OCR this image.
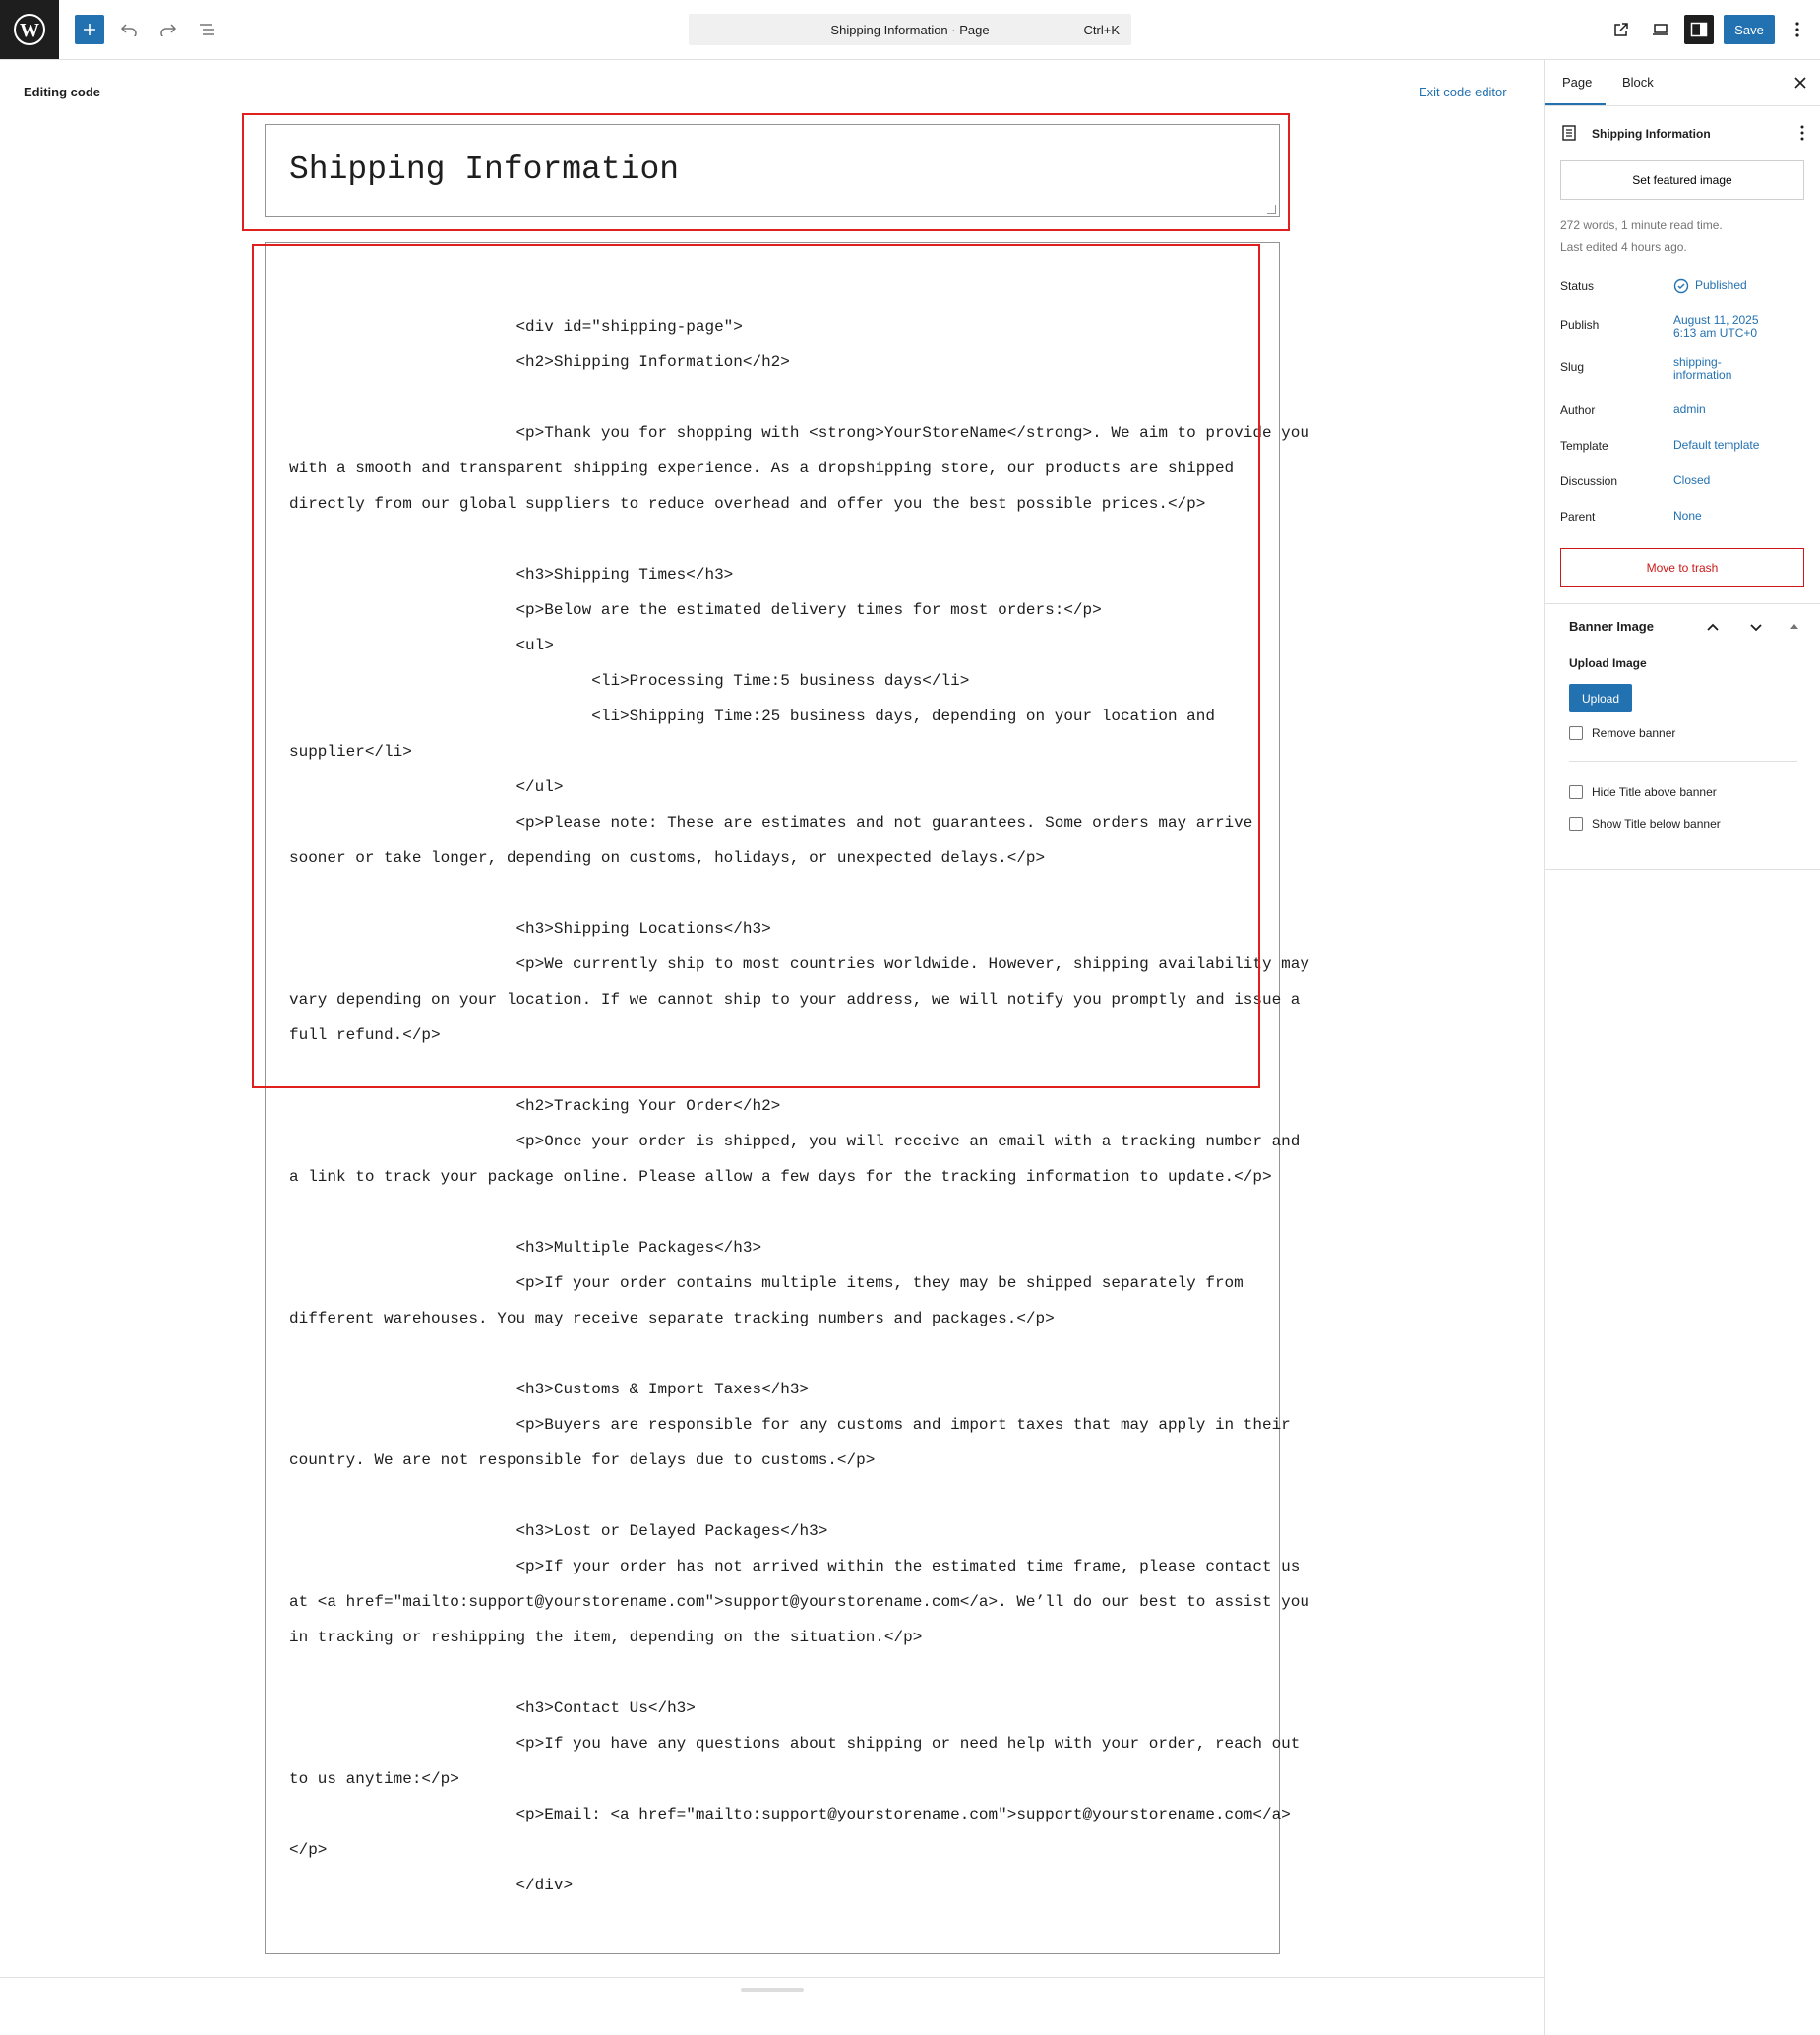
W	Shipping Information · Page	Ctrl+K	Save
Editing code	Exit code editor
Shipping Information
<div id="shipping-page">
<h2>Shipping Information</h2>
<p>Thank you for shopping with <strong>YourStoreName</strong>. We aim to provide you
with a smooth and transparent shipping experience. As a dropshipping store, our products are shipped
directly from our global suppliers to reduce overhead and offer you the best possible prices.</p>
<h3>Shipping Times</h3>
<p>Below are the estimated delivery times for most orders:</p>
<ul>
<li>Processing Time:5 business days</li>
<li>Shipping Time:25 business days, depending on your location and
supplier</li>
</ul>
<p>Please note: These are estimates and not guarantees. Some orders may arrive
sooner or take longer, depending on customs, holidays, or unexpected delays.</p>
<h3>Shipping Locations</h3>
<p>We currently ship to most countries worldwide. However, shipping availability may
vary depending on your location. If we cannot ship to your address, we will notify you promptly and issue a
full refund.</p>
<h2>Tracking Your Order</h2>
<p>Once your order is shipped, you will receive an email with a tracking number and
a link to track your package online. Please allow a few days for the tracking information to update.</p>
<h3>Multiple Packages</h3>
<p>If your order contains multiple items, they may be shipped separately from
different warehouses. You may receive separate tracking numbers and packages.</p>
<h3>Customs & Import Taxes</h3>
<p>Buyers are responsible for any customs and import taxes that may apply in their
country. We are not responsible for delays due to customs.</p>
<h3>Lost or Delayed Packages</h3>
<p>If your order has not arrived within the estimated time frame, please contact us
at <a href="mailto:support@yourstorename.com">support@yourstorename.com</a>. We’ll do our best to assist you
in tracking or reshipping the item, depending on the situation.</p>
<h3>Contact Us</h3>
<p>If you have any questions about shipping or need help with your order, reach out
to us anytime:</p>
<p>Email: <a href="mailto:support@yourstorename.com">support@yourstorename.com</a>
</p>
</div>
Page Block
Shipping Information
Set featured image
272 words, 1 minute read time.
Last edited 4 hours ago.
Status	Published
Publish	August 11, 2025
6:13 am UTC+0
Slug	shipping-
information
Author	admin
Template	Default template
Discussion	Closed
Parent	None
Move to trash
Banner Image
Upload Image
Upload
Remove banner
Hide Title above banner
Show Title below banner
